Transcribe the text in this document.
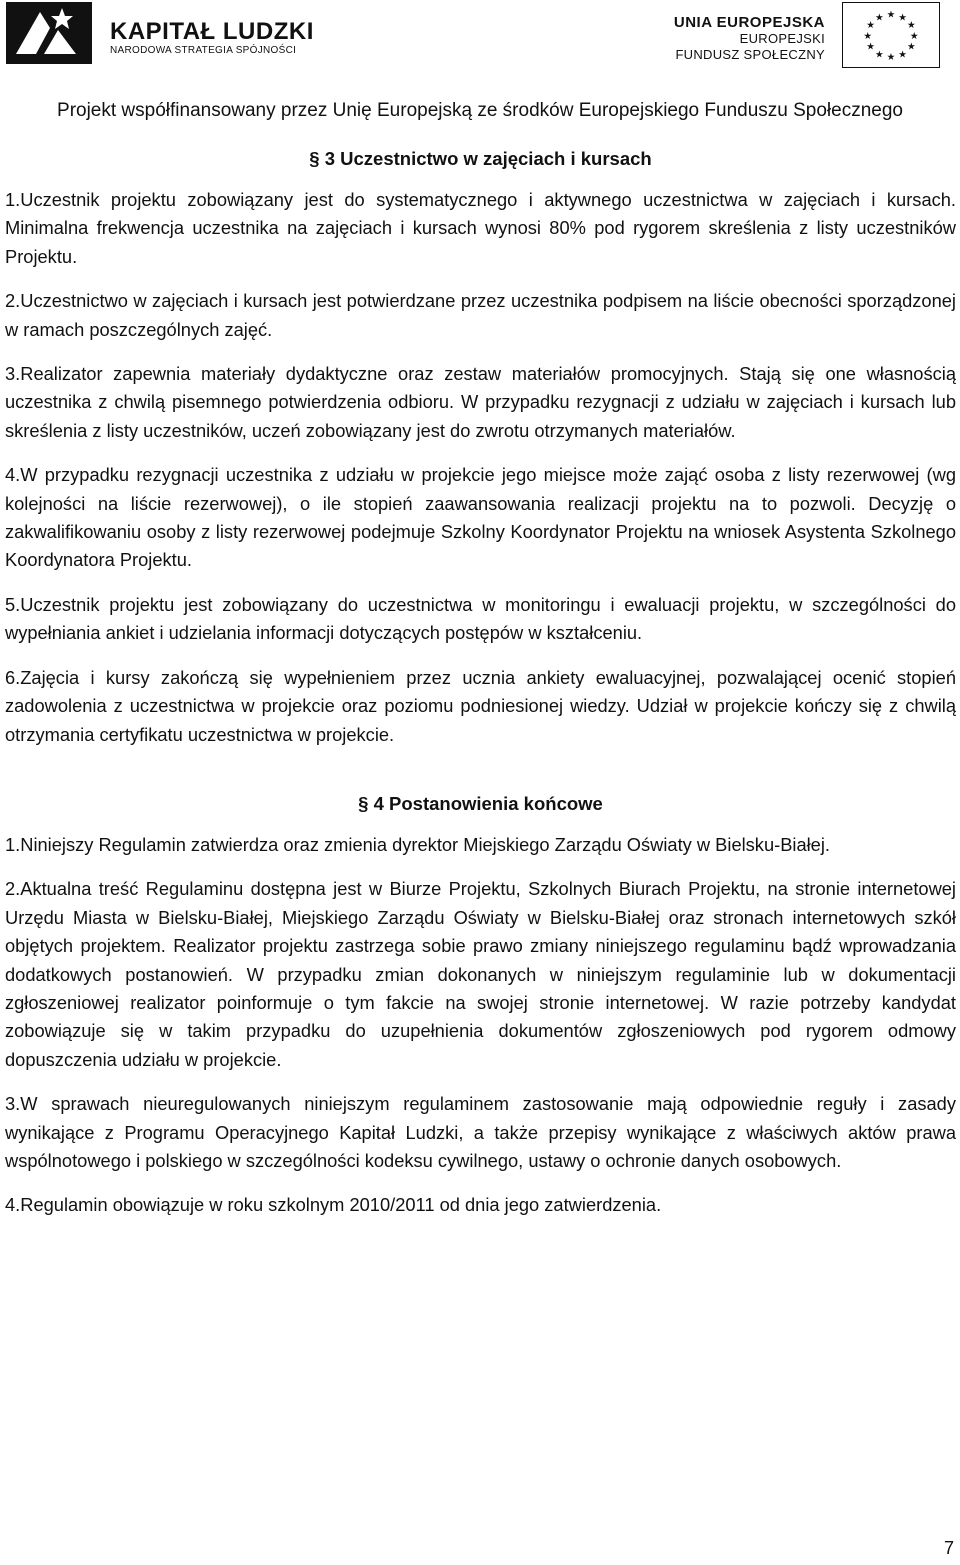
KAPITAŁ LUDZKI
NARODOWA STRATEGIA SPÓJNOŚCI
UNIA EUROPEJSKA
EUROPEJSKI
FUNDUSZ SPOŁECZNY
★ ★
★
★
★
★
★
★
★
★
★
★
Projekt współfinansowany przez Unię Europejską ze środków Europejskiego Funduszu Społecznego
§ 3 Uczestnictwo w zajęciach i kursach

1.Uczestnik projektu zobowiązany jest do systematycznego i aktywnego uczestnictwa w zajęciach i kursach. Minimalna frekwencja uczestnika na zajęciach i kursach wynosi 80% pod rygorem skreślenia z listy uczestników Projektu.

2.Uczestnictwo w zajęciach i kursach jest potwierdzane przez uczestnika podpisem na liście obecności sporządzonej w ramach poszczególnych zajęć.

3.Realizator zapewnia materiały dydaktyczne oraz zestaw materiałów promocyjnych. Stają się one własnością uczestnika z chwilą pisemnego potwierdzenia odbioru. W przypadku rezygnacji z udziału w zajęciach i kursach lub skreślenia z listy uczestników, uczeń zobowiązany jest do zwrotu otrzymanych materiałów.

4.W przypadku rezygnacji uczestnika z udziału w projekcie jego miejsce może zająć osoba z listy rezerwowej (wg kolejności na liście rezerwowej), o ile stopień zaawansowania realizacji projektu na to pozwoli. Decyzję o zakwalifikowaniu osoby z listy rezerwowej podejmuje Szkolny Koordynator Projektu na wniosek Asystenta Szkolnego Koordynatora Projektu.

5.Uczestnik projektu jest zobowiązany do uczestnictwa w monitoringu i ewaluacji projektu, w szczególności do wypełniania ankiet i udzielania informacji dotyczących postępów w kształceniu.

6.Zajęcia i kursy zakończą się wypełnieniem przez ucznia ankiety ewaluacyjnej, pozwalającej ocenić stopień zadowolenia z uczestnictwa w projekcie oraz poziomu podniesionej wiedzy. Udział w projekcie kończy się z chwilą otrzymania certyfikatu uczestnictwa w projekcie.

§ 4 Postanowienia końcowe

1.Niniejszy Regulamin zatwierdza oraz zmienia dyrektor Miejskiego Zarządu Oświaty w Bielsku-Białej.

2.Aktualna treść Regulaminu dostępna jest w Biurze Projektu, Szkolnych Biurach Projektu, na stronie internetowej Urzędu Miasta w Bielsku-Białej, Miejskiego Zarządu Oświaty w Bielsku-Białej oraz stronach internetowych szkół objętych projektem. Realizator projektu zastrzega sobie prawo zmiany niniejszego regulaminu bądź wprowadzania dodatkowych postanowień. W przypadku zmian dokonanych w niniejszym regulaminie lub w dokumentacji zgłoszeniowej realizator poinformuje o tym fakcie na swojej stronie internetowej. W razie potrzeby kandydat zobowiązuje się w takim przypadku do uzupełnienia dokumentów zgłoszeniowych pod rygorem odmowy dopuszczenia udziału w projekcie.

3.W sprawach nieuregulowanych niniejszym regulaminem zastosowanie mają odpowiednie reguły i zasady wynikające z Programu Operacyjnego Kapitał Ludzki, a także przepisy wynikające z właściwych aktów prawa wspólnotowego i polskiego w szczególności kodeksu cywilnego, ustawy o ochronie danych osobowych.

4.Regulamin obowiązuje w roku szkolnym 2010/2011 od dnia jego zatwierdzenia.

7
